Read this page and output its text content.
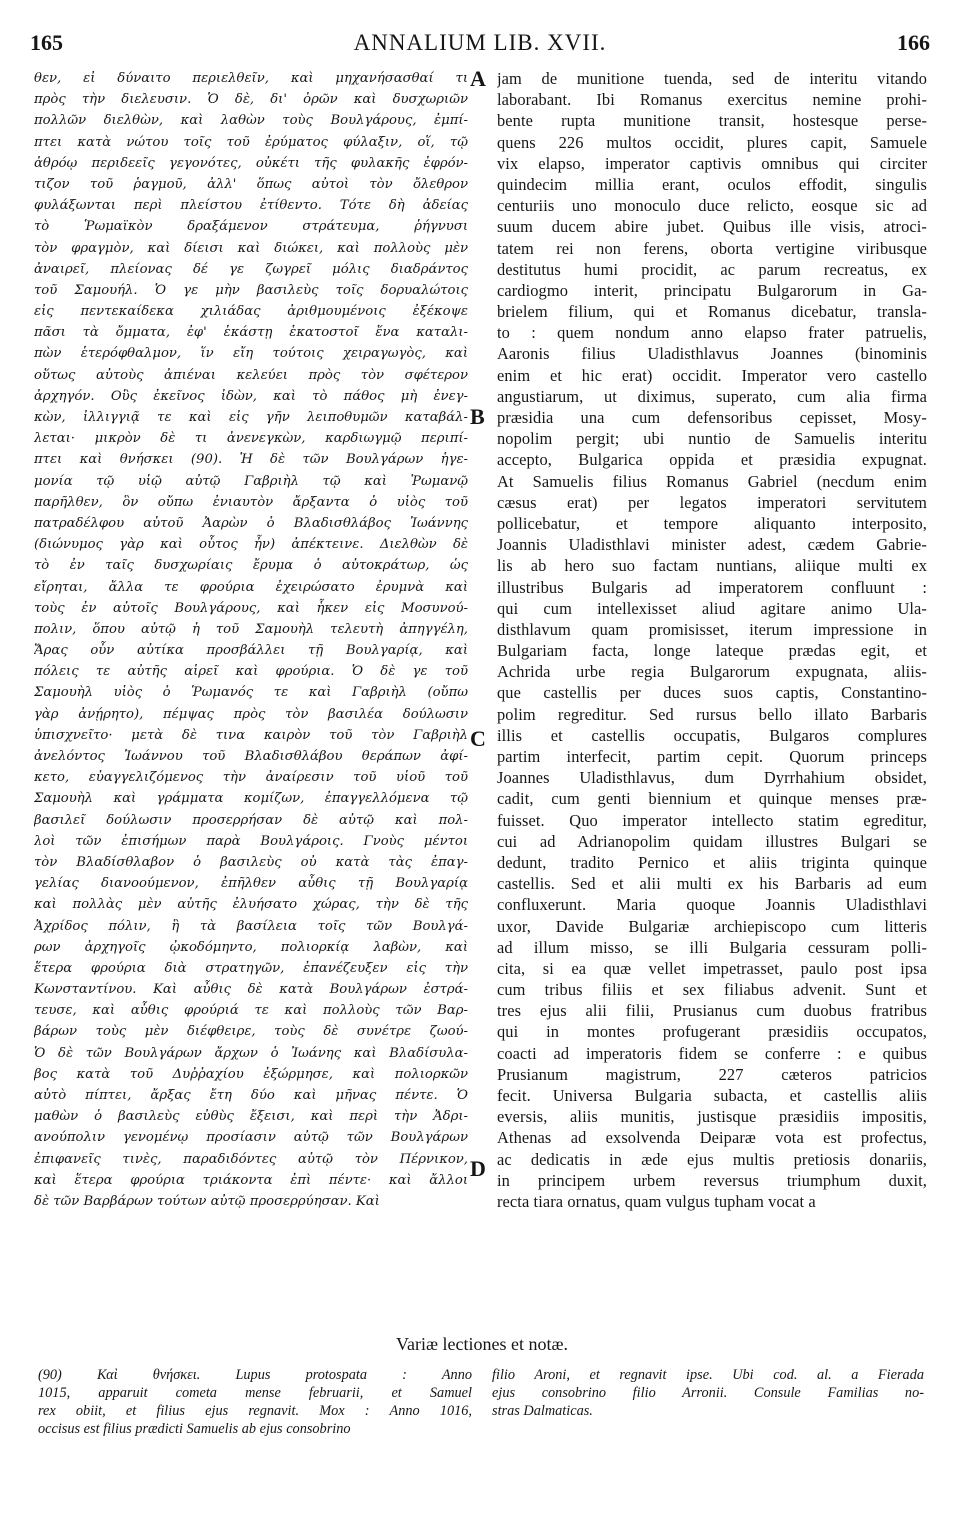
165	ANNALIUM LIB. XVII.	166
θεν, εἰ δύναιτο περιελθεῖν, καὶ μηχανήσασθαί τι
πρὸς τὴν διελευσιν. Ὁ δὲ, δι' ὀρῶν καὶ δυσχωριῶν
πολλῶν διελθὼν, καὶ λαθὼν τοὺς Βουλγάρους, ἐμπί-
πτει κατὰ νώτου τοῖς τοῦ ἐρύματος φύλαξιν, οἵ, τῷ
ἀθρόῳ περιδεεῖς γεγονότες, οὐκέτι τῆς φυλακῆς ἐφρόν-
τιζον τοῦ ῥαγμοῦ, ἀλλ' ὅπως αὐτοὶ τὸν ὄλεθρον
φυλάξωνται περὶ πλείστου ἐτίθεντο. Τότε δὴ ἀδείας
τὸ Ῥωμαϊκὸν δραξάμενον στράτευμα, ῥήγνυσι
τὸν φραγμὸν, καὶ δίεισι καὶ διώκει, καὶ πολλοὺς μὲν
ἀναιρεῖ, πλείονας δέ γε ζωγρεῖ μόλις διαδράντος
τοῦ Σαμουήλ. Ὁ γε μὴν βασιλεὺς τοῖς δορυαλώτοις
εἰς πεντεκαίδεκα χιλιάδας ἀριθμουμένοις ἐξέκοψε
πᾶσι τὰ ὄμματα, ἐφ' ἑκάστῃ ἑκατοστοῖ ἕνα καταλι-
πὼν ἑτερόφθαλμον, ἵν εἴη τούτοις χειραγωγὸς, καὶ
οὕτως αὐτοὺς ἀπιέναι κελεύει πρὸς τὸν σφέτερον
ἀρχηγόν. Οὓς ἐκεῖνος ἰδὼν, καὶ τὸ πάθος μὴ ἐνεγ-
κὼν, ἰλλιγγιᾷ τε καὶ εἰς γῆν λειποθυμῶν καταβάλ-
λεται· μικρὸν δὲ τι ἀνενεγκὼν, καρδιωγμῷ περιπί-
πτει καὶ θνήσκει (90). Ἡ δὲ τῶν Βουλγάρων ἡγε-
μονία τῷ υἱῷ αὐτῷ Γαβριὴλ τῷ καὶ Ῥωμανῷ
παρῆλθεν, ὃν οὔπω ἐνιαυτὸν ἄρξαντα ὁ υἱὸς τοῦ
πατραδέλφου αὐτοῦ Ἀαρὼν ὁ Βλαδισθλάβος Ἰωάννης
(διώνυμος γὰρ καὶ οὗτος ἦν) ἀπέκτεινε. Διελθὼν δὲ
τὸ ἐν ταῖς δυσχωρίαις ἔρυμα ὁ αὐτοκράτωρ, ὡς
εἴρηται, ἄλλα τε φρούρια ἐχειρώσατο ἐρυμνὰ καὶ
τοὺς ἐν αὐτοῖς Βουλγάρους, καὶ ἧκεν εἰς Μοσυνού-
πολιν, ὅπου αὐτῷ ἡ τοῦ Σαμουὴλ τελευτὴ ἀπηγγέλη,
Ἄρας οὖν αὐτίκα προσβάλλει τῇ Βουλγαρίᾳ, καὶ
πόλεις τε αὐτῆς αἱρεῖ καὶ φρούρια. Ὁ δὲ γε τοῦ
Σαμουὴλ υἱὸς ὁ Ῥωμανός τε καὶ Γαβριὴλ (οὔπω
γὰρ ἀνῄρητο), πέμψας πρὸς τὸν βασιλέα δούλωσιν
ὑπισχνεῖτο· μετὰ δὲ τινα καιρὸν τοῦ τὸν Γαβριὴλ
ἀνελόντος Ἰωάννου τοῦ Βλαδισθλάβου θεράπων ἀφί-
κετο, εὐαγγελιζόμενος τὴν ἀναίρεσιν τοῦ υἱοῦ τοῦ
Σαμουὴλ καὶ γράμματα κομίζων, ἐπαγγελλόμενα τῷ
βασιλεῖ δούλωσιν προσερρήσαν δὲ αὐτῷ καὶ πολ-
λοὶ τῶν ἐπισήμων παρὰ Βουλγάροις. Γνοὺς μέντοι
τὸν Βλαδίσθλαβον ὁ βασιλεὺς οὐ κατὰ τὰς ἐπαγ-
γελίας διανοούμενον, ἐπῆλθεν αὖθις τῇ Βουλγαρίᾳ
καὶ πολλὰς μὲν αὐτῆς ἐλυήσατο χώρας, τὴν δὲ τῆς
Ἀχρίδος πόλιν, ἣ τὰ βασίλεια τοῖς τῶν Βουλγά-
ρων ἀρχηγοῖς ᾠκοδόμηντο, πολιορκίᾳ λαβὼν, καὶ
ἕτερα φρούρια διὰ στρατηγῶν, ἐπανέζευξεν εἰς τὴν
Κωνσταντίνου. Καὶ αὖθις δὲ κατὰ Βουλγάρων ἐστρά-
τευσε, καὶ αὖθις φρούριά τε καὶ πολλοὺς τῶν Βαρ-
βάρων τοὺς μὲν διέφθειρε, τοὺς δὲ συνέτρε ζωού-
Ὁ δὲ τῶν Βουλγάρων ἄρχων ὁ Ἰωάνης καὶ Βλαδίσυλα-
βος κατὰ τοῦ Δυῤῥαχίου ἐξώρμησε, καὶ πολιορκῶν
αὐτὸ πίπτει, ἄρξας ἔτη δύο καὶ μῆνας πέντε. Ὁ
μαθὼν ὁ βασιλεὺς εὐθὺς ἔξεισι, καὶ περὶ τὴν Ἀδρι-
ανούπολιν γενομένῳ προσίασιν αὐτῷ τῶν Βουλγάρων
ἐπιφανεῖς τινὲς, παραδιδόντες αὐτῷ τὸν Πέρνικον,
καὶ ἕτερα φρούρια τριάκοντα ἐπὶ πέντε· καὶ ἄλλοι
δὲ τῶν Βαρβάρων τούτων αὐτῷ προσερρύησαν. Καὶ
jam de munitione tuenda, sed de interitu vitando
laborabant. Ibi Romanus exercitus nemine prohi-
bente rupta munitione transit, hostesque perse-
quens 226 multos occidit, plures capit, Samuele
vix elapso, imperator captivis omnibus qui circiter
quindecim millia erant, oculos effodit, singulis
centuriis uno monoculo duce relicto, eosque sic ad
suum ducem abire jubet. Quibus ille visis, atroci-
tatem rei non ferens, oborta vertigine viribusque
destitutus humi procidit, ac parum recreatus, ex
cardiogmo interit, principatu Bulgarorum in Ga-
brielem filium, qui et Romanus dicebatur, transla-
to : quem nondum anno elapso frater patruelis,
Aaronis filius Uladisthlavus Joannes (binominis
enim et hic erat) occidit. Imperator vero castello
angustiarum, ut diximus, superato, cum alia firma
præsidia una cum defensoribus cepisset, Mosy-
nopolim pergit; ubi nuntio de Samuelis interitu
accepto, Bulgarica oppida et præsidia expugnat.
At Samuelis filius Romanus Gabriel (necdum enim
cæsus erat) per legatos imperatori servitutem
pollicebatur, et tempore aliquanto interposito,
Joannis Uladisthlavi minister adest, cædem Gabrie-
lis ab hero suo factam nuntians, aliique multi ex
illustribus Bulgaris ad imperatorem confluunt :
qui cum intellexisset aliud agitare animo Ula-
disthlavum quam promisisset, iterum impressione in
Bulgariam facta, longe lateque prædas egit, et
Achrida urbe regia Bulgarorum expugnata, aliis-
que castellis per duces suos captis, Constantino-
polim regreditur. Sed rursus bello illato Barbaris
illis et castellis occupatis, Bulgaros complures
partim interfecit, partim cepit. Quorum princeps
Joannes Uladisthlavus, dum Dyrrhahium obsidet,
cadit, cum genti biennium et quinque menses præ-
fuisset. Quo imperator intellecto statim egreditur,
cui ad Adrianopolim quidam illustres Bulgari se
dedunt, tradito Pernico et aliis triginta quinque
castellis. Sed et alii multi ex his Barbaris ad eum
confluxerunt. Maria quoque Joannis Uladisthlavi
uxor, Davide Bulgariæ archiepiscopo cum litteris
ad illum misso, se illi Bulgaria cessuram polli-
cita, si ea quæ vellet impetrasset, paulo post ipsa
cum tribus filiis et sex filiabus advenit. Sunt et
tres ejus alii filii, Prusianus cum duobus fratribus
qui in montes profugerant præsidiis occupatos,
coacti ad imperatoris fidem se conferre : e quibus
Prusianum magistrum, 227 cæteros patricios
fecit. Universa Bulgaria subacta, et castellis aliis
eversis, aliis munitis, justisque præsidiis impositis,
Athenas ad exsolvenda Deiparæ vota est profectus,
ac dedicatis in æde ejus multis pretiosis donariis,
in principem urbem reversus triumphum duxit,
recta tiara ornatus, quam vulgus tupham vocat a
A
B
C
D
Variæ lectiones et notæ.
(90) Καὶ θνήσκει. Lupus protospata : Anno
1015, apparuit cometa mense februarii, et Samuel
rex obiit, et filius ejus regnavit. Mox : Anno 1016,
occisus est filius prædicti Samuelis ab ejus consobrino
filio Aroni, et regnavit ipse. Ubi cod. al. a Fierada
ejus consobrino filio Arronii. Consule Familias no-
stras Dalmaticas.
